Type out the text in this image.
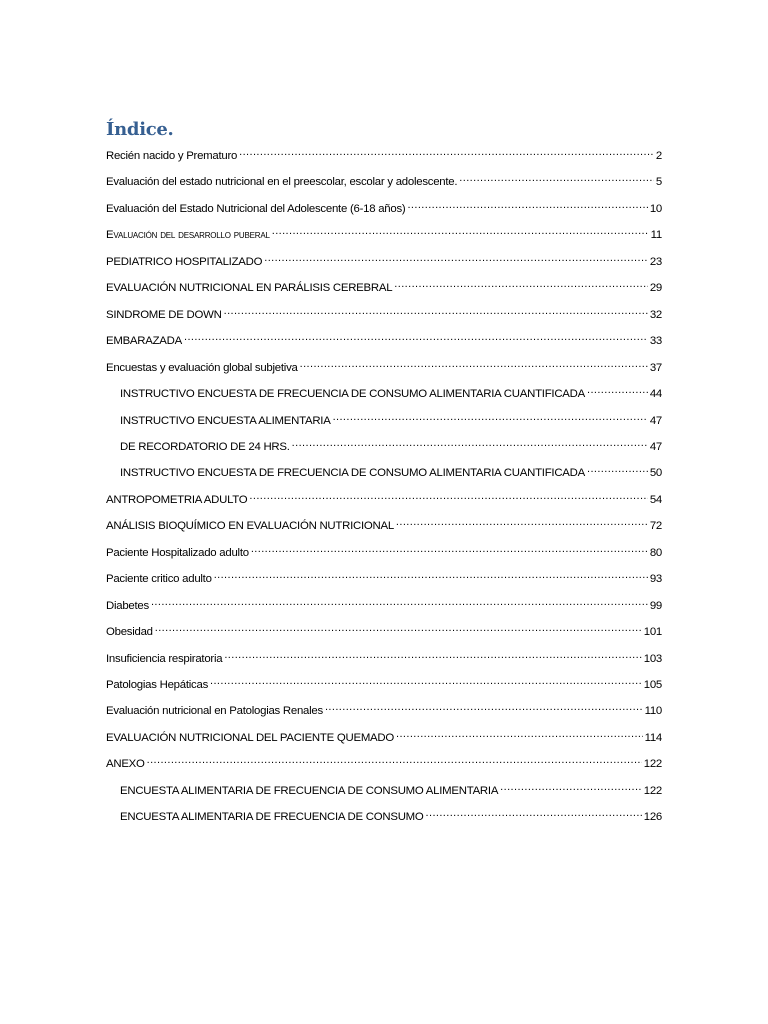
Índice.
Recién nacido y Prematuro .....	2
Evaluación del estado nutricional en el preescolar, escolar y adolescente. .....	5
Evaluación del Estado Nutricional del Adolescente (6-18 años) .....	10
Evaluación del desarrollo puberal .....	11
PEDIATRICO HOSPITALIZADO .....	23
EVALUACIÓN NUTRICIONAL EN PARÁLISIS CEREBRAL .....	29
SINDROME DE DOWN .....	32
EMBARAZADA .....	33
Encuestas y evaluación global subjetiva .....	37
INSTRUCTIVO ENCUESTA DE FRECUENCIA DE CONSUMO ALIMENTARIA CUANTIFICADA .....	44
INSTRUCTIVO ENCUESTA ALIMENTARIA .....	47
DE RECORDATORIO DE 24 HRS. .....	47
INSTRUCTIVO ENCUESTA DE FRECUENCIA DE CONSUMO ALIMENTARIA CUANTIFICADA .....	50
ANTROPOMETRIA ADULTO .....	54
ANÁLISIS BIOQUÍMICO EN EVALUACIÓN NUTRICIONAL .....	72
Paciente Hospitalizado adulto .....	80
Paciente critico adulto .....	93
Diabetes .....	99
Obesidad .....	101
Insuficiencia respiratoria .....	103
Patologias Hepáticas .....	105
Evaluación nutricional en Patologias Renales .....	110
EVALUACIÓN NUTRICIONAL DEL PACIENTE QUEMADO .....	114
ANEXO .....	122
ENCUESTA ALIMENTARIA DE FRECUENCIA DE CONSUMO ALIMENTARIA .....	122
ENCUESTA ALIMENTARIA DE FRECUENCIA DE CONSUMO .....	126
